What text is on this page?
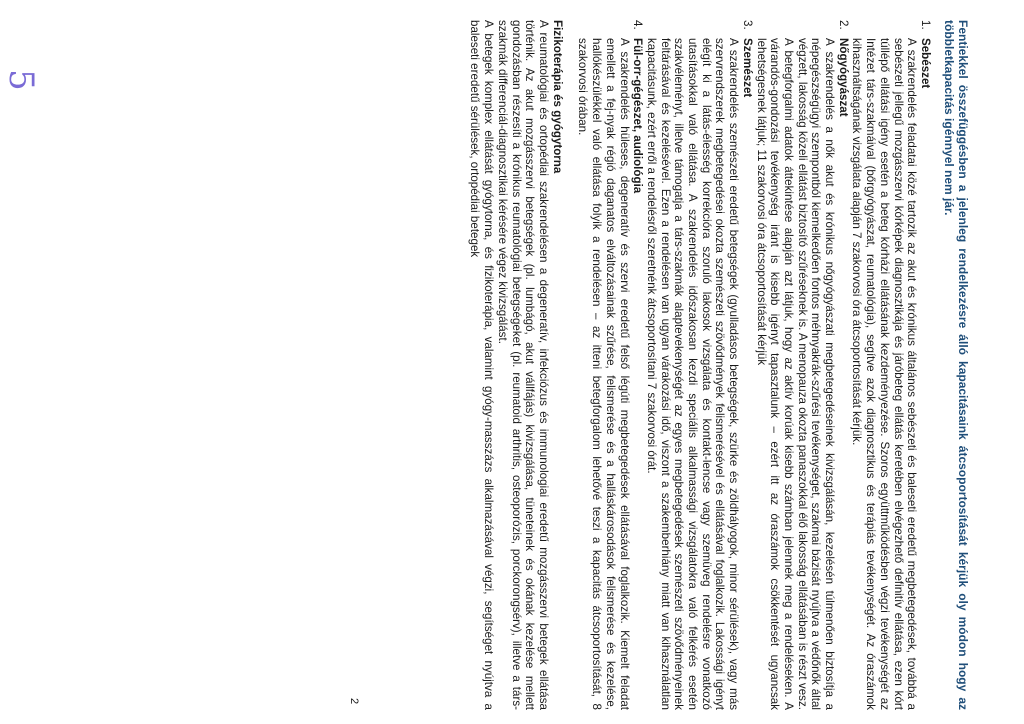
5	Fentiekkel összefüggésben a jelenleg rendelkezésre álló kapacitásaink átcsoportosítását kérjük oly módon hogy az többletkapacitás igénnyel nem jár.

1.
Sebészet

A szakrendelés feladatai közé tartozik az akut és krónikus általános sebészeti és baleseti eredetű megbetegedések, továbbá a sebészeti jellegű mozgásszervi kórképek diagnosztikája és járóbeteg ellátás keretében elvégezhető definitív ellátása, ezen kórt túllépő ellátási igény esetén a beteg kórházi ellátásának kezdeményezése. Szoros együttműködésben végzi tevékenységét az Intézet társ-szakmáival (bőrgyógyászat, reumatológia), segítve azok diagnosztikus és terápiás tevékenységét. Az óraszámok kihasználtságának vizsgálata alapján 7 szakorvosi óra átcsoportosítását kérjük.

2.
Nőgyógyászat

A szakrendelés a nők akut és krónikus nőgyógyászati megbetegedéseinek kivizsgálásán, kezelésén túlmenően biztosítja a népegészségügyi szempontból kiemelkedően fontos méhnyakrák-szűrési tevékenységet, szakmai bázisát nyújtva a védőnők által végzett, lakosság közeli ellátást biztosító szűréseknek is. A menopauza okozta panaszokkal élő lakosság ellátásában is részt vesz. A betegforgalmi adatok áttekintése alapján azt látjuk, hogy az aktív korúak kisebb számban jelennek meg a rendeléseken. A várandós-gondozási tevékenység iránt is kisebb igényt tapasztalunk – ezért itt az óraszámok csökkentését ugyancsak lehetségesnek látjuk; 11 szakorvosi óra átcsoportosítását kérjük

3.
Szemészet

A szakrendelés szemészeti eredetű betegségek (gyulladásos betegségek, szürke és zöldhályogok, minor sérülések), vagy más szervrendszerek megbetegedései okozta szemészeti szövődmények felismerésével és ellátásával foglalkozik. Lakossági igényt elégít ki a látás-élesség korrekcióra szoruló lakosok vizsgálata és kontakt-lencse vagy szemüveg rendelésre vonatkozó utasításokkal való ellátása. A szakrendelés időszakosan kezdi speciális alkalmassági vizsgálatokra való felkérés esetén szakvéleményt, illetve támogatja a társ-szakmák alaptevekenységét az egyes megbetegedések szemészeti szövődményeinek feltárásával és kezelésével. Ezen a rendelésen van ugyan várakozási idő, viszont a szakemberhiány miatt van kihasználatlan kapacitásunk, ezért erről a rendelésről szeretnénk átcsoportosítani 7 szakorvosi órát.

4.
Fül-orr-gégészet, audiológia

A szakrendelés hüleses, degeneratív és szervi eredetű felső légúti megbetegedések ellátásával foglalkozik. Kiemelt feladat emellett a fej-nyak régió daganatos elváltozásainak szűrése, felismerése és a halláskárosodások felismerése és kezelése, hallókészülékkel való ellátása folyik a rendelésen – az itteni betegforgalom lehetővé teszi a kapacitás átcsoportosítását, 8 szakorvosi órában.

Fizikoterápia és gyógytorna

A reumatológiai és ortopédiai szakrendelésen a degeneratív, infekciózus és immunologiai eredetű mozgásszervi betegek ellátása történik. Az akut mozgásszervi betegségek (pl. lumbágó, akut vállfájás) kivizsgálása, tüneteinek és okának kezelése mellett gondozásban részesíti a krónikus reumatológiai betegségeket (pl. reumatoid arthritis, osteoporózis, porckorongsérv), illetve a társ-szakmák differenciál-diagnosztikai kérésére végez kivizsgálást.

A betegek komplex ellátását gyógytorna, és fizikoterápia, valamint gyógy-masszázs alkalmazásával végzi, segítséget nyújtva a baleseti eredetű sérülések, ortopédiai betegek

2
